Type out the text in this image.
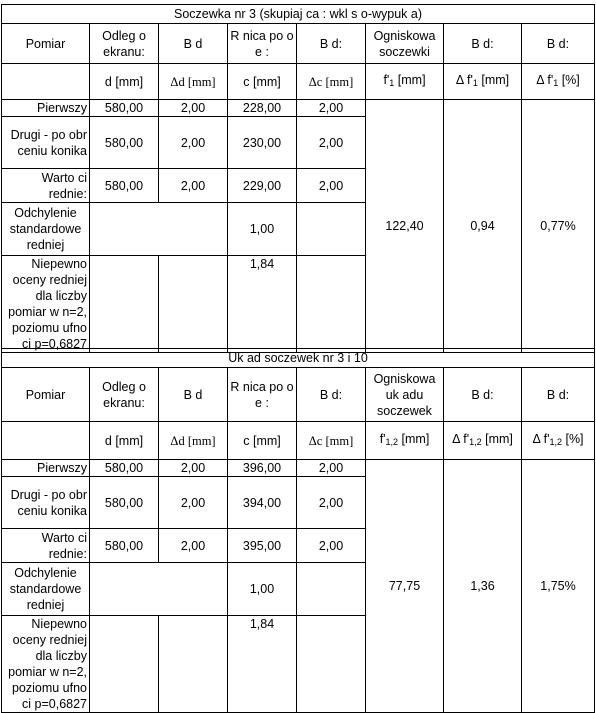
Soczewka nr 3 (skupiaj ca : wkl s o-wypuk a)							
Pomiar	Odleg o ekranu:	B d	R nica po o e :	B d:	Ogniskowa soczewki	B d:	B d:
	d [mm]	Δd [mm]	c [mm]	Δc [mm]	$f'_1$ [mm]	Δ $f'_1$ [mm]	Δ $f'_1$ [%]
Pierwszy	580,00	2,00	228,00	2,00	122,40	0,94	0,77%
Drugi - po obr ceniu konika	580,00	2,00	230,00	2,00			
Warto ci rednie:	580,00	2,00	229,00	2,00			
Odchylenie standardowe redniej			1,00				
Niepewno oceny redniej dla liczby pomiar w n=2, poziomu ufno ci p=0,6827			1,84				
Uk ad soczewek nr 3 i 10							
Pomiar	Odleg o ekranu:	B d	R nica po o e :	B d:	Ogniskowa uk adu soczewek	B d:	B d:
	d [mm]	Δd [mm]	c [mm]	Δc [mm]	$f'_{1,2}$ [mm]	Δ $f'_{1,2}$ [mm]	Δ $f'_{1,2}$ [%]
Pierwszy	580,00	2,00	396,00	2,00	77,75	1,36	1,75%
Drugi - po obr ceniu konika	580,00	2,00	394,00	2,00			
Warto ci rednie:	580,00	2,00	395,00	2,00			
Odchylenie standardowe redniej			1,00				
Niepewno oceny redniej dla liczby pomiar w n=2, poziomu ufno ci p=0,6827			1,84				
